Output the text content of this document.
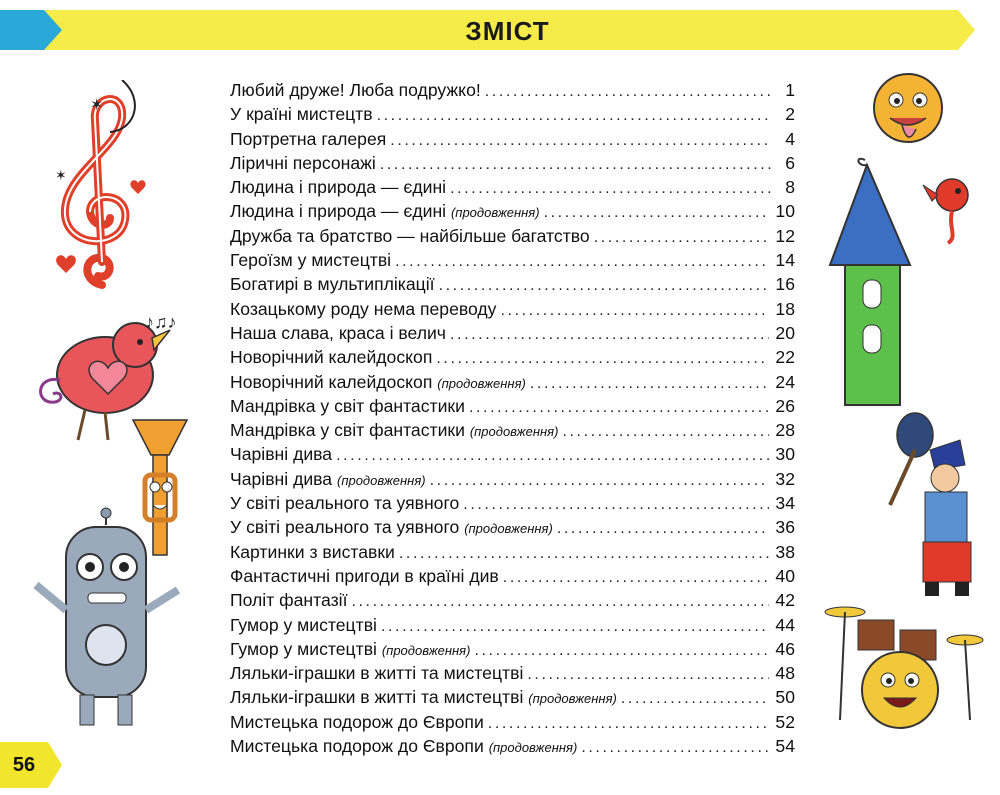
ЗМІСТ
Любий друже! Люба подружко! .....	1
У країні мистецтв .....	2
Портретна галерея .....	4
Ліричні персонажі .....	6
Людина і природа — єдині .....	8
Людина і природа — єдині (продовження) .....	10
Дружба та братство — найбільше багатство .....	12
Героїзм у мистецтві .....	14
Богатирі в мультиплікації .....	16
Козацькому роду нема переводу .....	18
Наша слава, краса і велич .....	20
Новорічний калейдоскоп .....	22
Новорічний калейдоскоп (продовження) .....	24
Мандрівка у світ фантастики .....	26
Мандрівка у світ фантастики (продовження) .....	28
Чарівні дива .....	30
Чарівні дива (продовження) .....	32
У світі реального та уявного .....	34
У світі реального та уявного (продовження) .....	36
Картинки з виставки .....	38
Фантастичні пригоди в країні див .....	40
Політ фантазії .....	42
Гумор у мистецтві .....	44
Гумор у мистецтві (продовження) .....	46
Ляльки-іграшки в житті та мистецтві .....	48
Ляльки-іграшки в житті та мистецтві (продовження) .....	50
Мистецька подорож до Європи .....	52
Мистецька подорож до Європи (продовження) .....	54
✶
✶
♪♫♪
56
